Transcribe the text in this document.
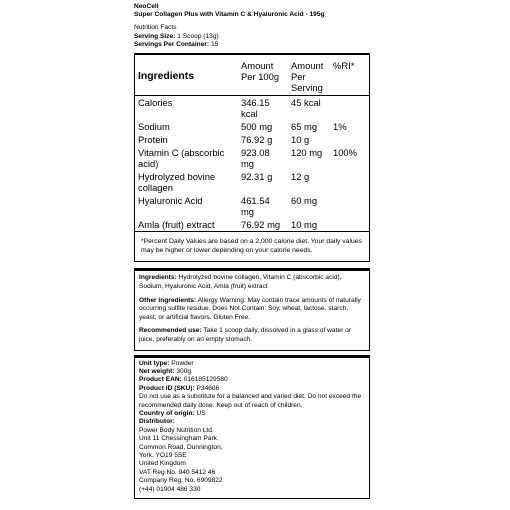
NeoCell
Super Collagen Plus with Vitamin C & Hyaluronic Acid - 195g
Nutrition Facts
Serving Size: 1 Scoop (13g)
Servings Per Container: 15
Ingredients	Amount Per 100g	Amount Per Serving	%RI*
Calories	346.15 kcal	45 kcal	
Sodium	500 mg	65 mg	1%
Protein	76.92 g	10 g	
Vitamin C (abscorbic acid)	923.08 mg	120 mg	100%
Hydrolyzed bovine collagen	92.31 g	12 g	
Hyaluronic Acid	461.54 mg	60 mg	
Amla (fruit) extract	76.92 mg	10 mg	
*Percent Daily Values are based on a 2,000 calorie diet. Your daily values may be higher or lower depending on your calorie needs.

Ingredients: Hydrolyzed bovine collagen, Vitamin C (abscorbic acid), Sodium, Hyaluronic Acid, Amla (fruit) extract

Other ingredients: Allergy Warning: May contain trace amounts of naturally occurring sulfite residue. Does Not Contain: Soy, wheat, lactose, starch, yeast, or artificial flavors. Gluten Free.

Recommended use: Take 1 scoop daily, dissolved in a glass of water or juice, preferably on an empty stomach.

Unit type: Powder
Net weight: 300g
Product EAN: 016185129580
Product ID (SKU): P34606
Do not use as a substitute for a balanced and varied diet. Do not exceed the recommended daily dose. Keep out of reach of children.
Country of origin: US
Distributor:
Power Body Nutrition Ltd.
Unit 11 Chessingham Park
Common Road, Dunnington,
York, YO19 5SE
United Kingdom
VAT Reg No. 940 5412 46
Company Reg. No. 6909822
(+44) 01904 486 330
